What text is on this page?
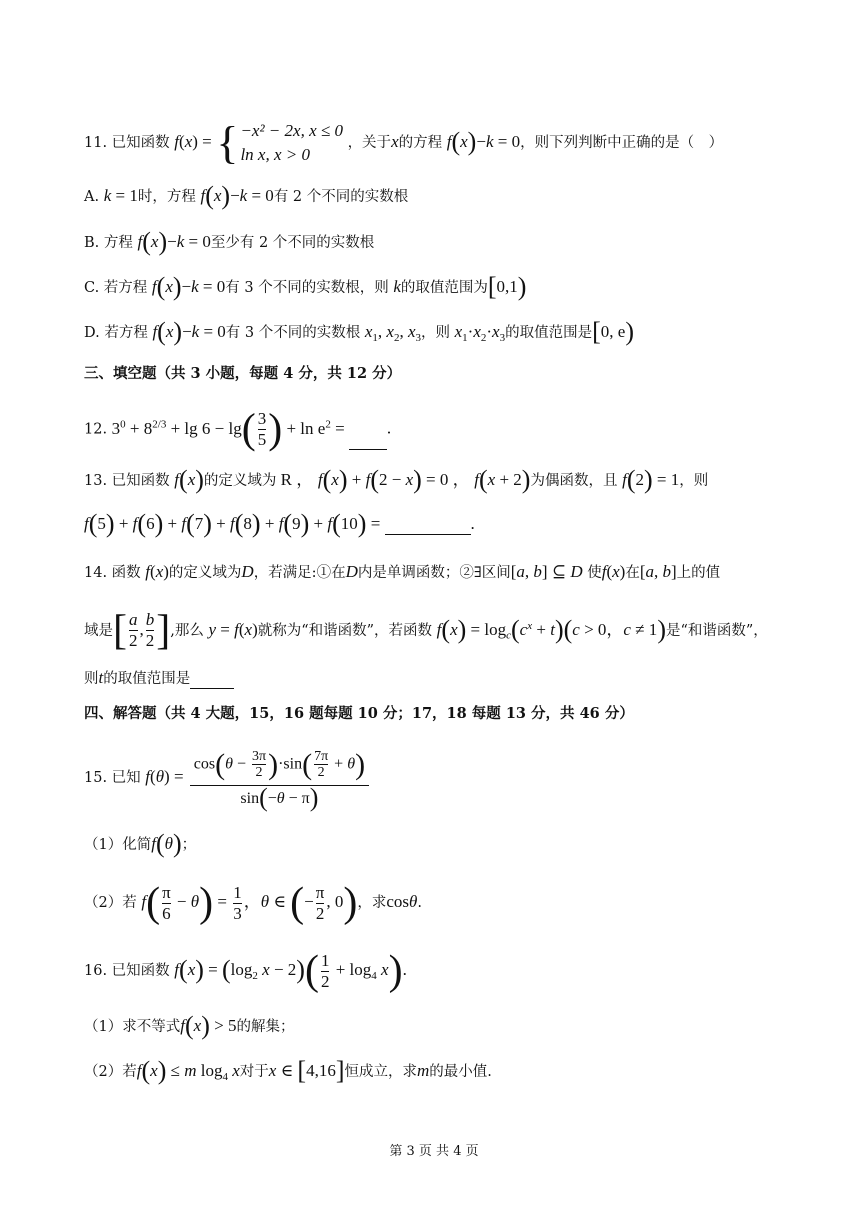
11. 已知函数 f(x) = { −x² − 2x, x ≤ 0
ln x, x > 0
，关于x的方程 f(x)−k = 0，则下列判断中正确的是（　）
A. k = 1时，方程 f(x)−k = 0有 2 个不同的实数根
B. 方程 f(x)−k = 0至少有 2 个不同的实数根
C. 若方程 f(x)−k = 0有 3 个不同的实数根，则 k的取值范围为[0,1)
D. 若方程 f(x)−k = 0有 3 个不同的实数根 $x_1$, $x_2$, $x_3$，则 $x_1\cdot x_2\cdot x_3$的取值范围是[0, e)
三、填空题（共 3 小题，每题 4 分，共 12 分）
12. $3^0 + 8^{2/3} + \lg 6 - \lg( \frac{3}{5}$ ) + $\ln e^2$ = .
13. 已知函数 f(x)的定义域为 R ， f(x) + f(2 − x) = 0 ， f(x + 2)为偶函数，且 f(2) = 1，则
f(5) + f(6) + f(7) + f(8) + f(9) + f(10) =	.
14. 函数 f(x)的定义域为D，若满足:①在D内是单调函数；②∃区间[a, b] ⊆ D 使f(x)在[a, b]上的值
域是[ $\frac{a}{2}$ , $\frac{b}{2}$ ],那么 y = f(x)就称为“和谐函数”，若函数 $f(x) = \log_c(c^x + t)(c > 0$，c ≠ 1)是“和谐函数”，
则t的取值范围是
四、解答题（共 4 大题，15，16 题每题 10 分；17，18 每题 13 分，共 46 分）
15. 已知 $f(\theta) = \frac{\cos(\theta - \frac{3\pi}{2} )\cdot\sin( \frac{7\pi}{2} + \theta)}{\sin(-\theta - \pi)}$
（1）化简f(θ)；
（2）若 $f( \frac{\pi}{6} - \theta) = \frac{1}{3}$ ，θ ∈ (− $\frac{\pi}{2}$ , 0)，求cosθ.
16. 已知函数 $f(x) = (\log_2$ $x - 2)( \frac{1}{2} + \log_4 x)$.
（1）求不等式f(x) > 5的解集；
（2）若f(x) ≤ m $\log_4 x$对于x ∈ [4,16]恒成立，求m的最小值.
第 3 页 共 4 页
